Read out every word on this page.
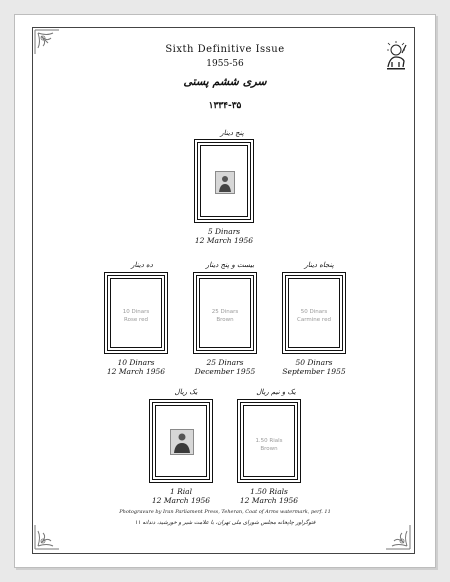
Sixth Definitive Issue
1955-56
سری ششم پستی
۱۳۳۴-۳۵
پنج دینار
5 Dinars
12 March 1956
ده دینار
10 Dinars
Rose red
10 Dinars
12 March 1956
بیست و پنج دینار
25 Dinars
Brown
25 Dinars
December 1955
پنجاه دینار
50 Dinars
Carmine red
50 Dinars
September 1955
یک ریال
1 Rial
12 March 1956
یک و نیم ریال
1.50 Rials
Brown
1.50 Rials
12 March 1956
Photogravure by Iran Parliament Press, Teheran, Coat of Arms watermark, perf. 11
فتوگراور چاپخانه مجلس شورای ملی تهران، با علامت شیر و خورشید، دندانه ۱۱
